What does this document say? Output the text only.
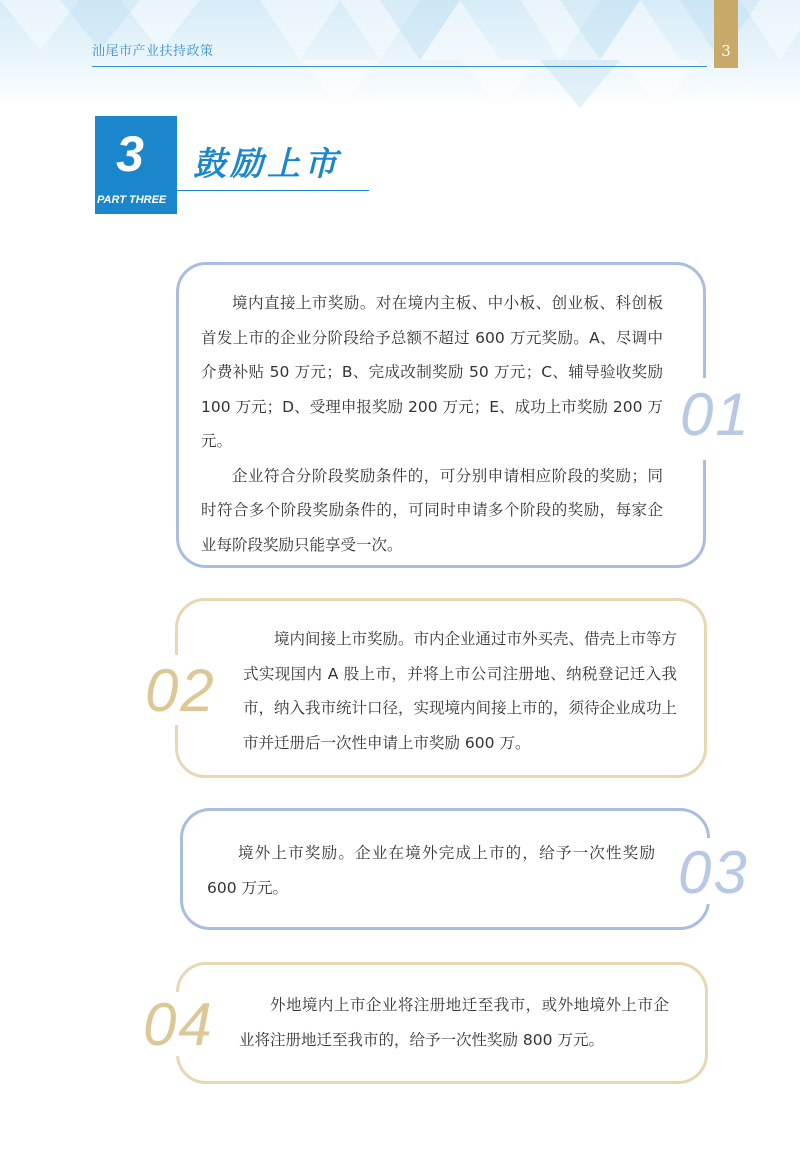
汕尾市产业扶持政策	3
3
PART THREE
鼓励上市
01

境内直接上市奖励。对在境内主板、中小板、创业板、科创板首发上市的企业分阶段给予总额不超过 600 万元奖励。A、尽调中介费补贴 50 万元；B、完成改制奖励 50 万元；C、辅导验收奖励 100 万元；D、受理申报奖励 200 万元；E、成功上市奖励 200 万元。

企业符合分阶段奖励条件的，可分别申请相应阶段的奖励；同时符合多个阶段奖励条件的，可同时申请多个阶段的奖励，每家企业每阶段奖励只能享受一次。

02

境内间接上市奖励。市内企业通过市外买壳、借壳上市等方式实现国内 A 股上市，并将上市公司注册地、纳税登记迁入我市，纳入我市统计口径，实现境内间接上市的，须待企业成功上市并迁册后一次性申请上市奖励 600 万。

03

境外上市奖励。企业在境外完成上市的，给予一次性奖励 600 万元。

04	外地境内上市企业将注册地迁至我市，或外地境外上市企业将注册地迁至我市的，给予一次性奖励 800 万元。
